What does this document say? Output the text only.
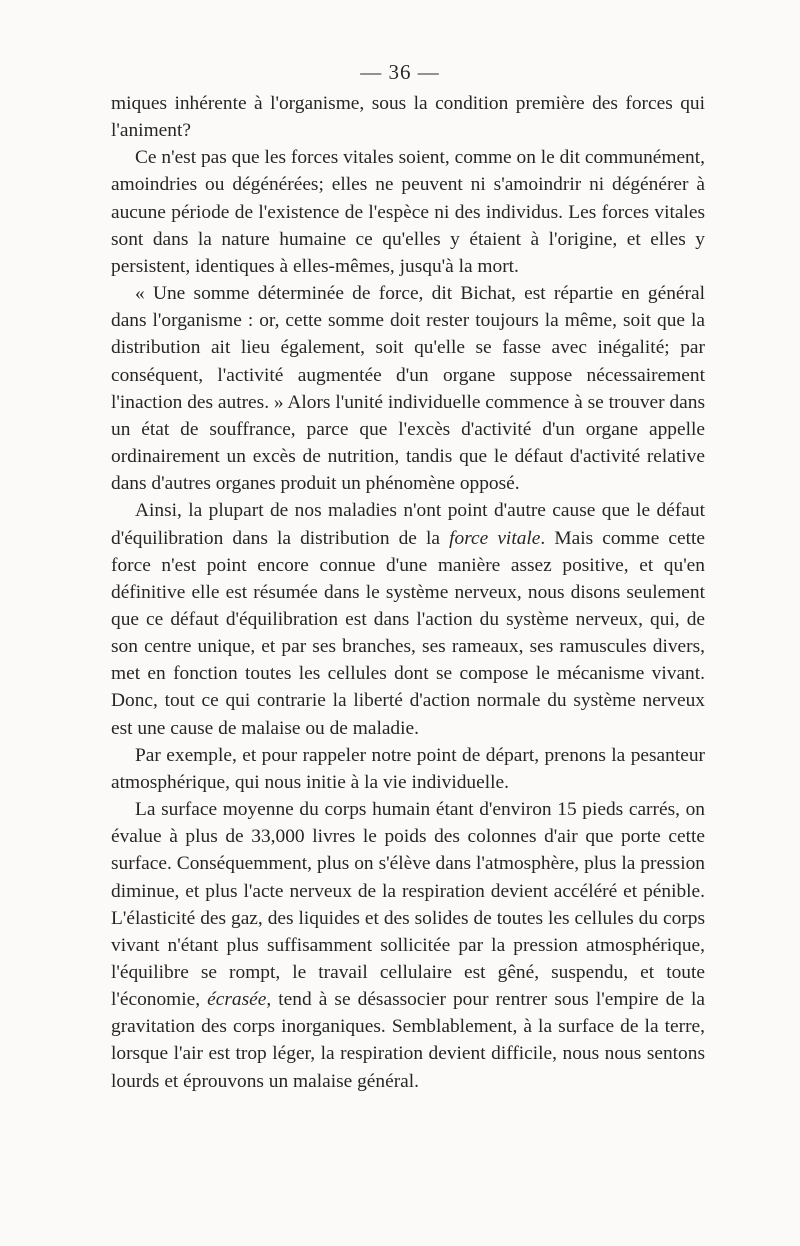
— 36 —

miques inhérente à l'organisme, sous la condition première des forces qui l'animent?

Ce n'est pas que les forces vitales soient, comme on le dit communément, amoindries ou dégénérées; elles ne peuvent ni s'amoindrir ni dégénérer à aucune période de l'existence de l'espèce ni des individus. Les forces vitales sont dans la nature humaine ce qu'elles y étaient à l'origine, et elles y persistent, identiques à elles-mêmes, jusqu'à la mort.

« Une somme déterminée de force, dit Bichat, est répartie en général dans l'organisme : or, cette somme doit rester toujours la même, soit que la distribution ait lieu également, soit qu'elle se fasse avec inégalité; par conséquent, l'activité augmentée d'un organe suppose nécessairement l'inaction des autres. » Alors l'unité individuelle commence à se trouver dans un état de souffrance, parce que l'excès d'activité d'un organe appelle ordinairement un excès de nutrition, tandis que le défaut d'activité relative dans d'autres organes produit un phénomène opposé.

Ainsi, la plupart de nos maladies n'ont point d'autre cause que le défaut d'équilibration dans la distribution de la force vitale. Mais comme cette force n'est point encore connue d'une manière assez positive, et qu'en définitive elle est résumée dans le système nerveux, nous disons seulement que ce défaut d'équilibration est dans l'action du système nerveux, qui, de son centre unique, et par ses branches, ses rameaux, ses ramuscules divers, met en fonction toutes les cellules dont se compose le mécanisme vivant. Donc, tout ce qui contrarie la liberté d'action normale du système nerveux est une cause de malaise ou de maladie.

Par exemple, et pour rappeler notre point de départ, prenons la pesanteur atmosphérique, qui nous initie à la vie individuelle.

La surface moyenne du corps humain étant d'environ 15 pieds carrés, on évalue à plus de 33,000 livres le poids des colonnes d'air que porte cette surface. Conséquemment, plus on s'élève dans l'atmosphère, plus la pression diminue, et plus l'acte nerveux de la respiration devient accéléré et pénible. L'élasticité des gaz, des liquides et des solides de toutes les cellules du corps vivant n'étant plus suffisamment sollicitée par la pression atmosphérique, l'équilibre se rompt, le travail cellulaire est gêné, suspendu, et toute l'économie, écrasée, tend à se désassocier pour rentrer sous l'empire de la gravitation des corps inorganiques. Semblablement, à la surface de la terre, lorsque l'air est trop léger, la respiration devient difficile, nous nous sentons lourds et éprouvons un malaise général.
